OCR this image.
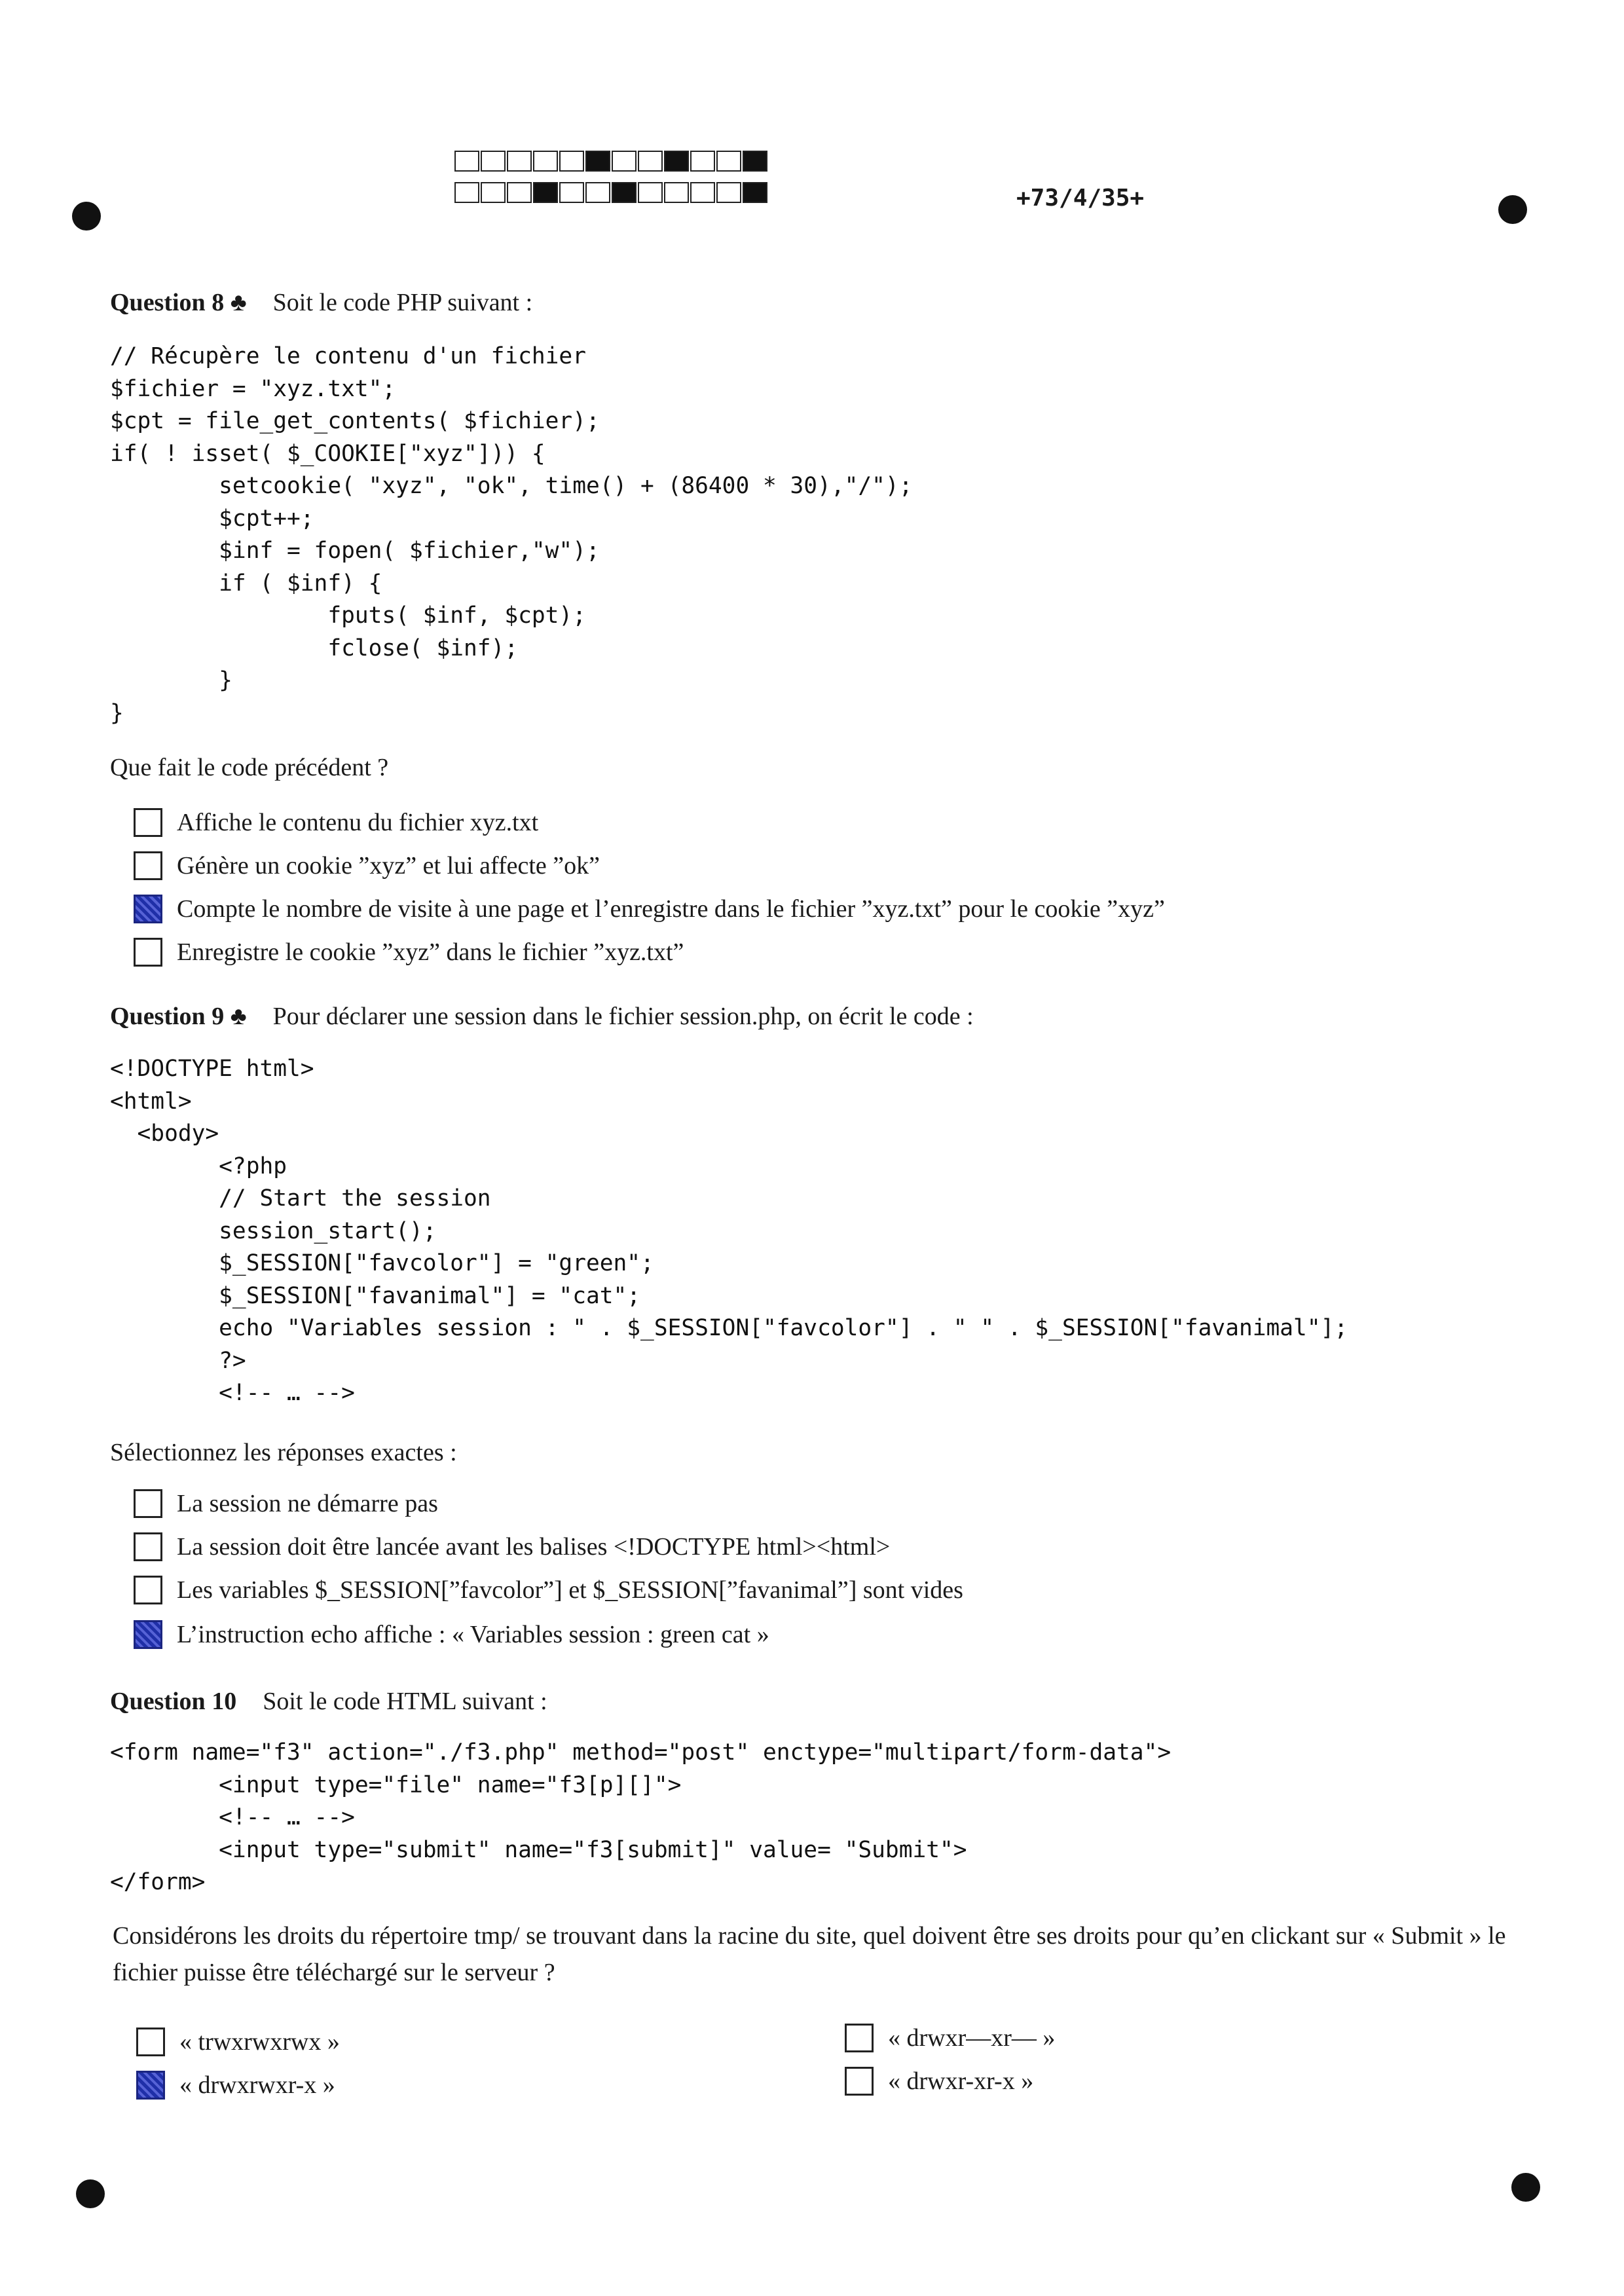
+73/4/35+
Question 8 ♣ Soit le code PHP suivant :
// Récupère le contenu d'un fichier
$fichier = "xyz.txt";
$cpt = file_get_contents( $fichier);
if( ! isset( $_COOKIE["xyz"])) {
setcookie( "xyz", "ok", time() + (86400 * 30),"/");
$cpt++;
$inf = fopen( $fichier,"w");
if ( $inf) {
fputs( $inf, $cpt);
fclose( $inf);
}
}
Que fait le code précédent ?
Affiche le contenu du fichier xyz.txt
Génère un cookie ”xyz” et lui affecte ”ok”
Compte le nombre de visite à une page et l’enregistre dans le fichier ”xyz.txt” pour le cookie ”xyz”
Enregistre le cookie ”xyz” dans le fichier ”xyz.txt”
Question 9 ♣ Pour déclarer une session dans le fichier session.php, on écrit le code :
<!DOCTYPE html>
<html>
<body>
<?php
// Start the session
session_start();
$_SESSION["favcolor"] = "green";
$_SESSION["favanimal"] = "cat";
echo "Variables session : " . $_SESSION["favcolor"] . " " . $_SESSION["favanimal"];
?>
<!-- … -->
Sélectionnez les réponses exactes :
La session ne démarre pas
La session doit être lancée avant les balises <!DOCTYPE html><html>
Les variables $_SESSION[”favcolor”] et $_SESSION[”favanimal”] sont vides
L’instruction echo affiche : « Variables session : green cat »
Question 10 Soit le code HTML suivant :
<form name="f3" action="./f3.php" method="post" enctype="multipart/form-data">
<input type="file" name="f3[p][]">
<!-- … -->
<input type="submit" name="f3[submit]" value= "Submit">
</form>
Considérons les droits du répertoire tmp/ se trouvant dans la racine du site, quel doivent être ses droits pour qu’en clickant sur « Submit » le fichier puisse être téléchargé sur le serveur ?
« trwxrwxrwx »
« drwxrwxr-x »
« drwxr—xr— »
« drwxr-xr-x »
